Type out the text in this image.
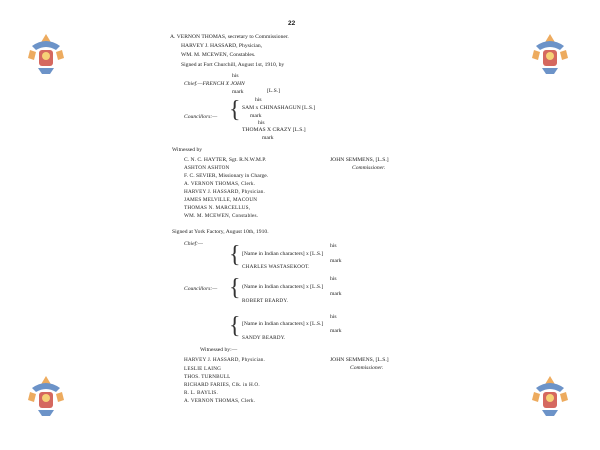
22
A. VERNON THOMAS, secretary to Commissioner.
HARVEY J. HASSARD, Physician,
WM. M. MCEWEN, Constables.
Signed at Fort Churchill, August 1st, 1910, by
his
Chief.—FRENCH X JOHN
mark	[L.S.]
{	his
Councillors:—
SAM x CHINASHAGUN [L.S.]
mark
his
THOMAS X CRAZY [L.S.]
mark
Witnessed by
C. N. C. HAYTER, Sgt. R.N.W.M.P.	JOHN SEMMENS, [L.S.]
Commissioner.
ASHTON ASHTON
F. C. SEVIER, Missionary in Charge.
A. VERNON THOMAS, Clerk.
HARVEY J. HASSARD, Physician.
JAMES MELVILLE, MACOUN
THOMAS N. MARCELLUS,
WM. M. MCEWEN, Constables.
Signed at York Factory, August 10th, 1910.
Chief:— {	his
[Name in Indian characters] x [L.S.]
mark
CHARLES WASTASEKOOT.
Councillors:— {	his
(Name in Indian characters] x [L.S.]
mark
ROBERT BEARDY.
{	his
[Name in Indian characters] x [L.S.]
mark
SANDY BEARDY.
Witnessed by:—
HARVEY J. HASSARD, Physician.	JOHN SEMMENS, [L.S.]
Commissioner.
LESLIE LAING
THOS. TURNBULL
RICHARD FARIES, Clk. in H.O.
R. L. BAYLIS.
A. VERNON THOMAS, Clerk.
